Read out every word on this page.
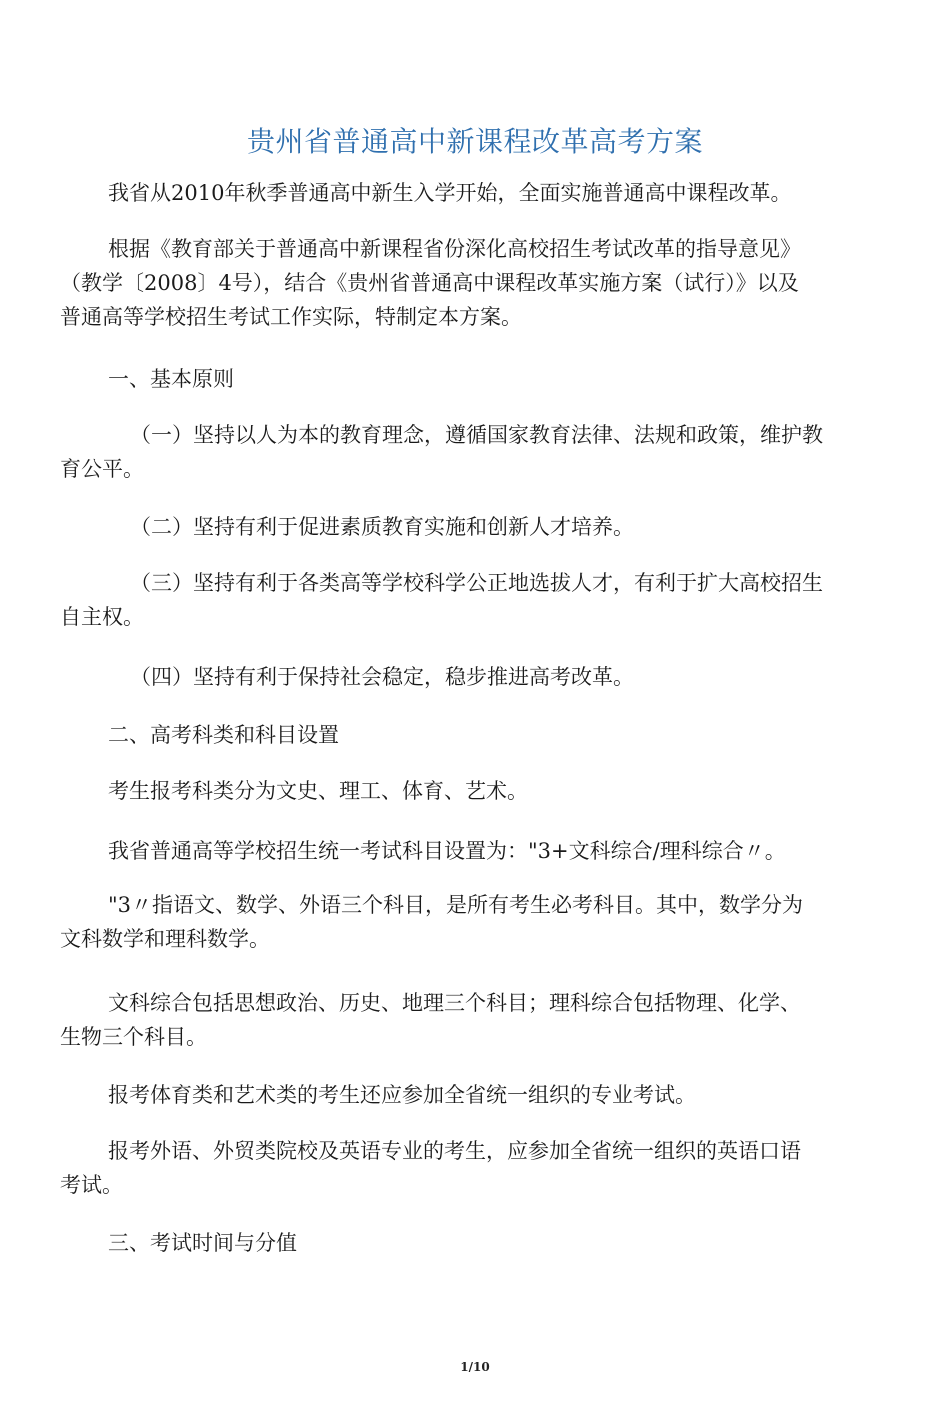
贵州省普通高中新课程改革高考方案

我省从2010年秋季普通高中新生入学开始，全面实施普通高中课程改革。

根据《教育部关于普通高中新课程省份深化高校招生考试改革的指导意见》
（教学〔2008〕4号），结合《贵州省普通高中课程改革实施方案（试行）》以及
普通高等学校招生考试工作实际，特制定本方案。

一、基本原则

（一）坚持以人为本的教育理念，遵循国家教育法律、法规和政策，维护教
育公平。

（二）坚持有利于促进素质教育实施和创新人才培养。

（三）坚持有利于各类高等学校科学公正地选拔人才，有利于扩大高校招生
自主权。

（四）坚持有利于保持社会稳定，稳步推进高考改革。

二、高考科类和科目设置

考生报考科类分为文史、理工、体育、艺术。

我省普通高等学校招生统一考试科目设置为："3+文科综合/理科综合〃。

"3〃指语文、数学、外语三个科目，是所有考生必考科目。其中，数学分为
文科数学和理科数学。

文科综合包括思想政治、历史、地理三个科目；理科综合包括物理、化学、
生物三个科目。

报考体育类和艺术类的考生还应参加全省统一组织的专业考试。

报考外语、外贸类院校及英语专业的考生，应参加全省统一组织的英语口语
考试。

三、考试时间与分值

1/10
